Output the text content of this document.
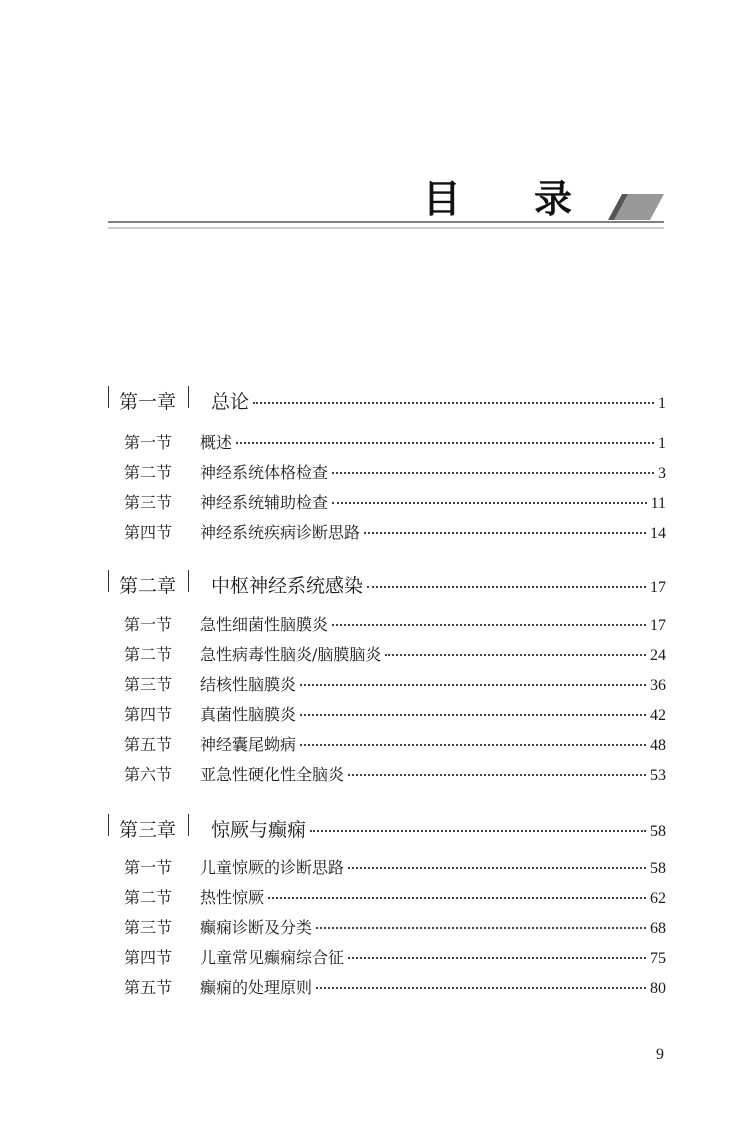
目 录
第一章 总论	1
第一节	概述	1
第二节	神经系统体格检查	3
第三节	神经系统辅助检查	11
第四节	神经系统疾病诊断思路	14
第二章 中枢神经系统感染	17
第一节	急性细菌性脑膜炎	17
第二节	急性病毒性脑炎/脑膜脑炎	24
第三节	结核性脑膜炎	36
第四节	真菌性脑膜炎	42
第五节	神经囊尾蚴病	48
第六节	亚急性硬化性全脑炎	53
第三章 惊厥与癫痫	58
第一节	儿童惊厥的诊断思路	58
第二节	热性惊厥	62
第三节	癫痫诊断及分类	68
第四节	儿童常见癫痫综合征	75
第五节	癫痫的处理原则	80
9
